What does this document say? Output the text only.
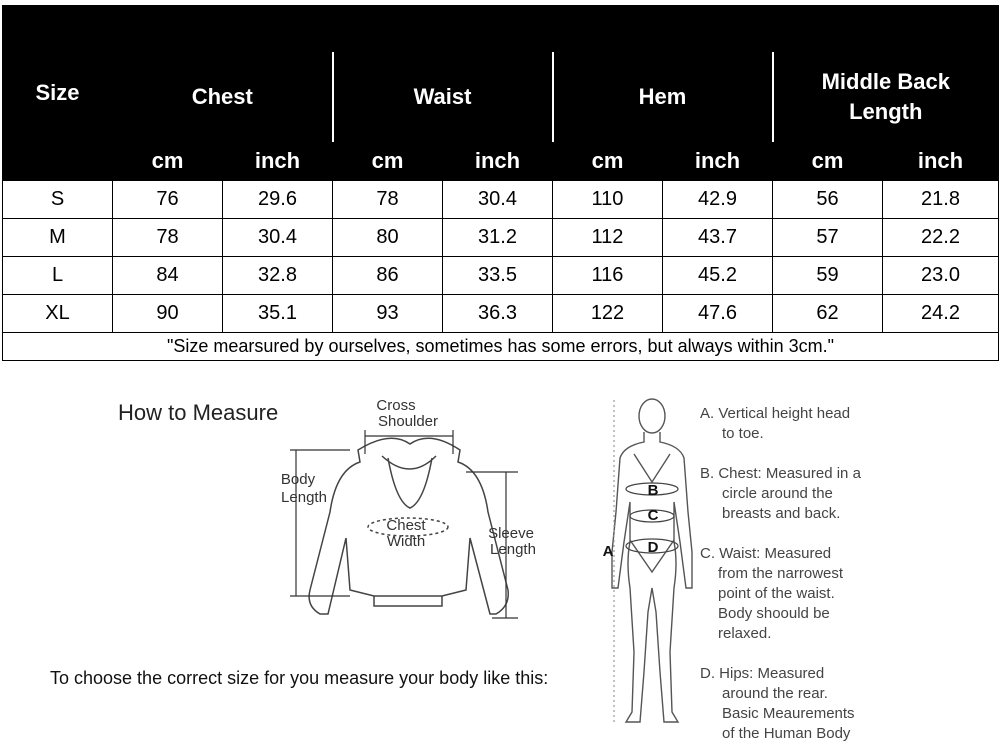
Size								
	Chest		Waist		Hem		Middle Back Length	
	cm	inch	cm	inch	cm	inch	cm	inch
S	76	29.6	78	30.4	110	42.9	56	21.8
M	78	30.4	80	31.2	112	43.7	57	22.2
L	84	32.8	86	33.5	116	45.2	59	23.0
XL	90	35.1	93	36.3	122	47.6	62	24.2
"Size mearsured by ourselves, sometimes has some errors, but always within 3cm."								
How to Measure	Cross
Shoulder
Body
Length
Chest
Width	Sleeve
Length
To choose the correct size for you measure your body like this:
A
B
C
D

A. Vertical height head

to toe.

B. Chest: Measured in a

circle around the

breasts and back.

C. Waist: Measured

from the narrowest

point of the waist.

Body shoould be

relaxed.

D. Hips: Measured

around the rear.

Basic Meaurements

of the Human Body
